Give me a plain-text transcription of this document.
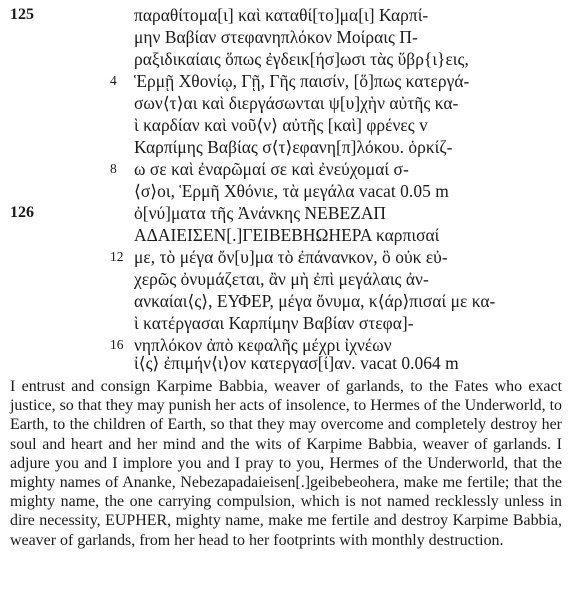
125	παραθίτομα[ι] καὶ καταθί[το]μα[ι] Καρπί-
μην Βαβίαν στεφανηπλόκον Μοίραις Π-
ραξιδικαίαις ὅπως ἐγδεικ[ήσ]ωσι τὰς ὕβρ{ι}εις,
4 Ἑρμῇ Χθονίῳ, Γῇ, Γῆς παισίν, [ὅ]πως κατεργά-
σων⟨τ⟩αι καὶ διεργάσωνται ψ[υ]χὴν αὐτῆς κα-
ὶ καρδίαν καὶ νοῦ⟨ν⟩ αὐτῆς [καὶ] φρένες v
Καρπίμης Βαβίας σ⟨τ⟩εφανη[π]λόκου. ὁρκίζ-
8 ω σε καὶ ἐναρῶμαί σε καὶ ἐνεύχομαί σ-
⟨σ⟩οι, Ἑρμῆ Χθόνιε, τὰ μεγάλα vacat 0.05 m
126	ὀ[νύ]ματα τῆς Ἀνάνκης ΝΕΒΕΖΑΠ
ΑΔΑΙΕΙΣΕΝ[.]ΓΕΙΒΕΒΗΩΗΕΡΑ καρπισαί
12 με, τὸ μέγα ὄν[υ]μα τὸ ἐπάνανκον, ὃ οὐκ εὐ-
χερῶς ὀνυμάζεται, ἂν μὴ ἐπὶ μεγάλαις ἀν-
ανκαίαι⟨ς⟩, ΕΥΦΕΡ, μέγα ὄνυμα, κ⟨άρ⟩πισαί με κα-
ὶ κατέργασαι Καρπίμην Βαβίαν στεφα]-
16 νηπλόκον ἀπὸ κεφαλῆς μέχρι ἰχνέων
ἰ⟨ς⟩ ἐπιμήν⟨ι⟩ον κατεργασ[ί]αν. vacat 0.064 m

I entrust and consign Karpime Babbia, weaver of garlands, to the Fates who exact justice, so that they may punish her acts of insolence, to Hermes of the Underworld, to Earth, to the children of Earth, so that they may overcome and completely destroy her soul and heart and her mind and the wits of Karpime Babbia, weaver of garlands. I adjure you and I implore you and I pray to you, Hermes of the Underworld, that the mighty names of Ananke, Nebezapadaieisen[.]geibebeohera, make me fertile; that the mighty name, the one carrying compulsion, which is not named recklessly unless in dire necessity, EUPHER, mighty name, make me fertile and destroy Karpime Babbia, weaver of garlands, from her head to her footprints with monthly destruction.
